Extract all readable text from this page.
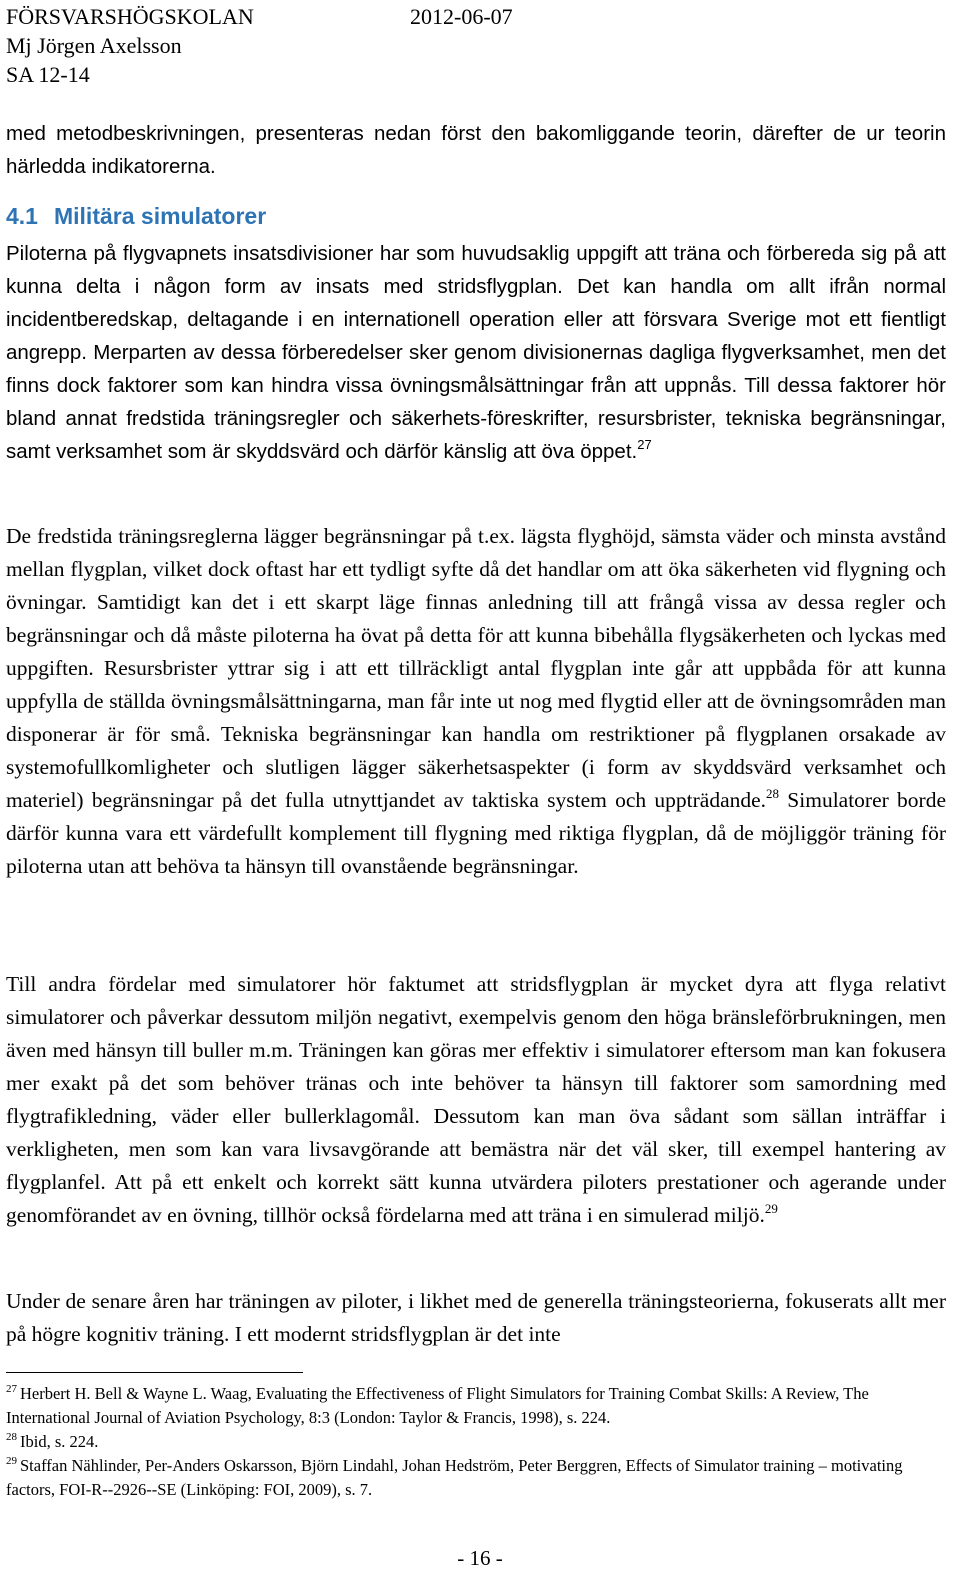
FÖRSVARSHÖGSKOLAN	2012-06-07
Mj Jörgen Axelsson
SA 12-14

med metodbeskrivningen, presenteras nedan först den bakomliggande teorin, därefter de ur teorin härledda indikatorerna.

4.1 Militära simulatorer

Piloterna på flygvapnets insatsdivisioner har som huvudsaklig uppgift att träna och förbereda sig på att kunna delta i någon form av insats med stridsflygplan. Det kan handla om allt ifrån normal incidentberedskap, deltagande i en internationell operation eller att försvara Sverige mot ett fientligt angrepp. Merparten av dessa förberedelser sker genom divisionernas dagliga flygverksamhet, men det finns dock faktorer som kan hindra vissa övningsmålsättningar från att uppnås. Till dessa faktorer hör bland annat fredstida träningsregler och säkerhets-föreskrifter, resursbrister, tekniska begränsningar, samt verksamhet som är skyddsvärd och därför känslig att öva öppet.$^{27}$

De fredstida träningsreglerna lägger begränsningar på t.ex. lägsta flyghöjd, sämsta väder och minsta avstånd mellan flygplan, vilket dock oftast har ett tydligt syfte då det handlar om att öka säkerheten vid flygning och övningar. Samtidigt kan det i ett skarpt läge finnas anledning till att frångå vissa av dessa regler och begränsningar och då måste piloterna ha övat på detta för att kunna bibehålla flygsäkerheten och lyckas med uppgiften. Resursbrister yttrar sig i att ett tillräckligt antal flygplan inte går att uppbåda för att kunna uppfylla de ställda övningsmålsättningarna, man får inte ut nog med flygtid eller att de övningsområden man disponerar är för små. Tekniska begränsningar kan handla om restriktioner på flygplanen orsakade av systemofullkomligheter och slutligen lägger säkerhetsaspekter (i form av skyddsvärd verksamhet och materiel) begränsningar på det fulla utnyttjandet av taktiska system och uppträdande.$^{28}$ Simulatorer borde därför kunna vara ett värdefullt komplement till flygning med riktiga flygplan, då de möjliggör träning för piloterna utan att behöva ta hänsyn till ovanstående begränsningar.

Till andra fördelar med simulatorer hör faktumet att stridsflygplan är mycket dyra att flyga relativt simulatorer och påverkar dessutom miljön negativt, exempelvis genom den höga bränsleförbrukningen, men även med hänsyn till buller m.m. Träningen kan göras mer effektiv i simulatorer eftersom man kan fokusera mer exakt på det som behöver tränas och inte behöver ta hänsyn till faktorer som samordning med flygtrafikledning, väder eller bullerklagomål. Dessutom kan man öva sådant som sällan inträffar i verkligheten, men som kan vara livsavgörande att bemästra när det väl sker, till exempel hantering av flygplanfel. Att på ett enkelt och korrekt sätt kunna utvärdera piloters prestationer och agerande under genomförandet av en övning, tillhör också fördelarna med att träna i en simulerad miljö.$^{29}$

Under de senare åren har träningen av piloter, i likhet med de generella träningsteorierna, fokuserats allt mer på högre kognitiv träning. I ett modernt stridsflygplan är det inte

$^{27}$ Herbert H. Bell & Wayne L. Waag, Evaluating the Effectiveness of Flight Simulators for Training Combat Skills: A Review, The International Journal of Aviation Psychology, 8:3 (London: Taylor & Francis, 1998), s. 224.

$^{28}$ Ibid, s. 224.

$^{29}$ Staffan Nählinder, Per-Anders Oskarsson, Björn Lindahl, Johan Hedström, Peter Berggren, Effects of Simulator training – motivating factors, FOI-R--2926--SE (Linköping: FOI, 2009), s. 7.

- 16 -
